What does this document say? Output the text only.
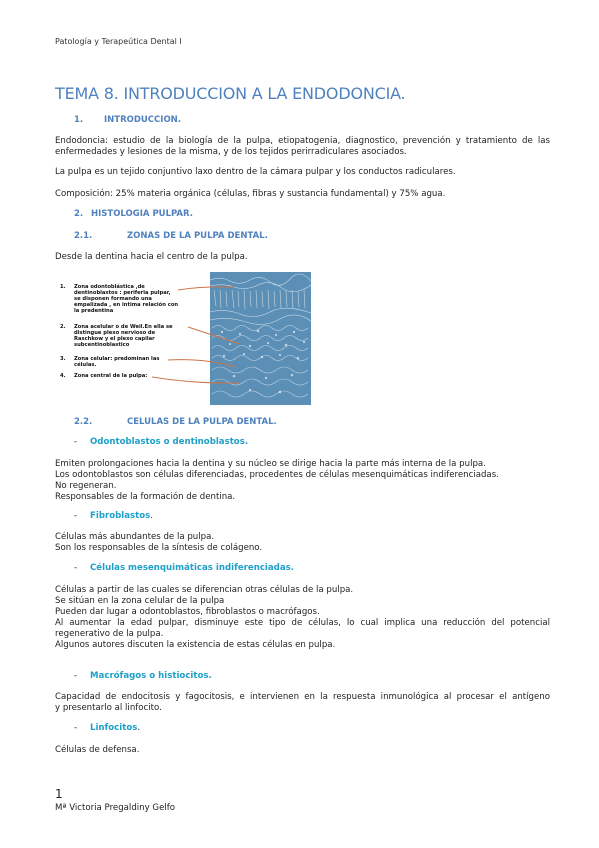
Patología y Terapeútica Dental I
TEMA 8. INTRODUCCION A LA ENDODONCIA.
1. INTRODUCCION.
Endodoncia: estudio de la biología de la pulpa, etiopatogenia, diagnostico, prevención y tratamiento de las
enfermedades y lesiones de la misma, y de los tejidos perirradiculares asociados.
La pulpa es un tejido conjuntivo laxo dentro de la cámara pulpar y los conductos radiculares.
Composición: 25% materia orgánica (células, fibras y sustancia fundamental) y 75% agua.
2. HISTOLOGIA PULPAR.
2.1.	ZONAS DE LA PULPA DENTAL.
Desde la dentina hacia el centro de la pulpa.
1. Zona odontoblástica ,de
dentinoblastos : periferia pulpar,
se disponen formando una
empalizada , en intima relación con
la predentina
2. Zona acelular o de Weil.En ella se
distingue plexo nervioso de
Raschkow y el plexo capilar
subcentinoblastico
3. Zona celular: predominan las
células.
4. Zona central de la pulpa:
2.2.	CELULAS DE LA PULPA DENTAL.
- Odontoblastos o dentinoblastos.
Emiten prolongaciones hacia la dentina y su núcleo se dirige hacia la parte más interna de la pulpa.
Los odontoblastos son células diferenciadas, procedentes de células mesenquimáticas indiferenciadas.
No regeneran.
Responsables de la formación de dentina.
- Fibroblastos.
Células más abundantes de la pulpa.
Son los responsables de la síntesis de colágeno.
- Células mesenquimáticas indiferenciadas.
Células a partir de las cuales se diferencian otras células de la pulpa.
Se sitúan en la zona celular de la pulpa
Pueden dar lugar a odontoblastos, fibroblastos o macrófagos.
Al aumentar la edad pulpar, disminuye este tipo de células, lo cual implica una reducción del potencial
regenerativo de la pulpa.
Algunos autores discuten la existencia de estas células en pulpa.
- Macrófagos o histiocitos.
Capacidad de endocitosis y fagocitosis, e intervienen en la respuesta inmunológica al procesar el antígeno
y presentarlo al linfocito.
- Linfocitos.
Células de defensa.
1
Mª Victoria Pregaldiny Gelfo
